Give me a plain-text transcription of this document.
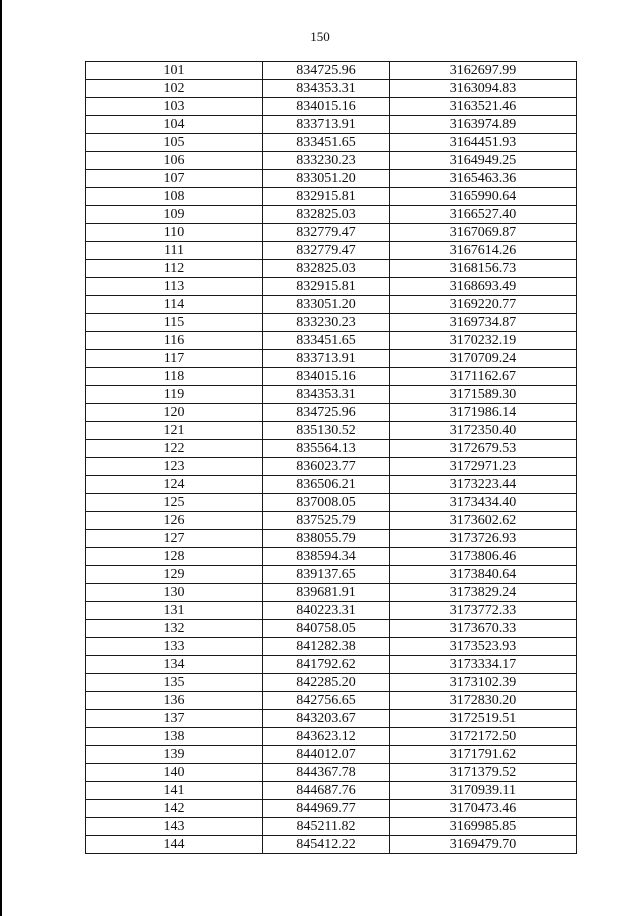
150
101	834725.96	3162697.99
102	834353.31	3163094.83
103	834015.16	3163521.46
104	833713.91	3163974.89
105	833451.65	3164451.93
106	833230.23	3164949.25
107	833051.20	3165463.36
108	832915.81	3165990.64
109	832825.03	3166527.40
110	832779.47	3167069.87
111	832779.47	3167614.26
112	832825.03	3168156.73
113	832915.81	3168693.49
114	833051.20	3169220.77
115	833230.23	3169734.87
116	833451.65	3170232.19
117	833713.91	3170709.24
118	834015.16	3171162.67
119	834353.31	3171589.30
120	834725.96	3171986.14
121	835130.52	3172350.40
122	835564.13	3172679.53
123	836023.77	3172971.23
124	836506.21	3173223.44
125	837008.05	3173434.40
126	837525.79	3173602.62
127	838055.79	3173726.93
128	838594.34	3173806.46
129	839137.65	3173840.64
130	839681.91	3173829.24
131	840223.31	3173772.33
132	840758.05	3173670.33
133	841282.38	3173523.93
134	841792.62	3173334.17
135	842285.20	3173102.39
136	842756.65	3172830.20
137	843203.67	3172519.51
138	843623.12	3172172.50
139	844012.07	3171791.62
140	844367.78	3171379.52
141	844687.76	3170939.11
142	844969.77	3170473.46
143	845211.82	3169985.85
144	845412.22	3169479.70
